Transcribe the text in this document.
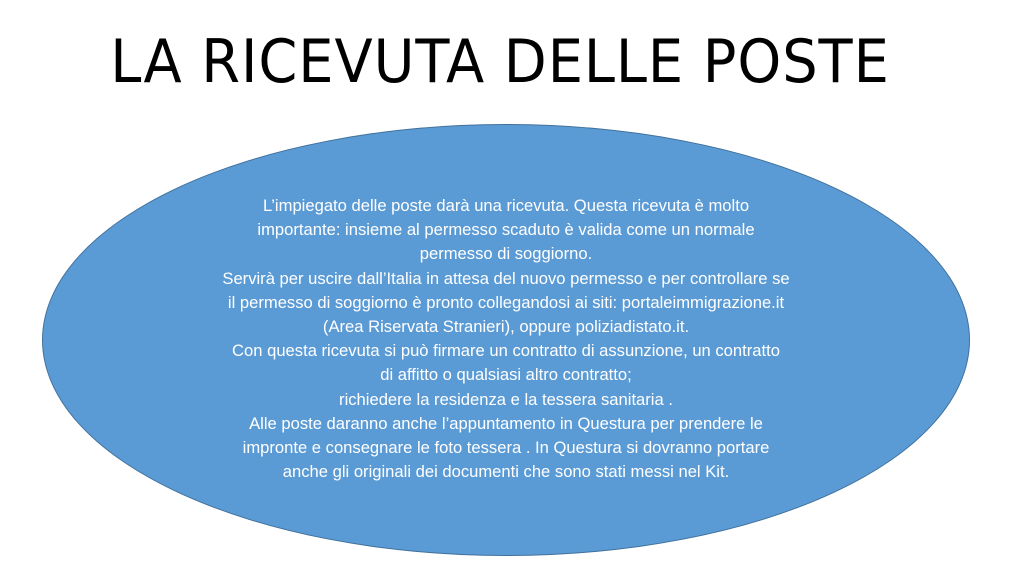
LA RICEVUTA DELLE POSTE
L’impiegato delle poste darà una ricevuta. Questa ricevuta è molto
importante: insieme al permesso scaduto è valida come un normale
permesso di soggiorno.
Servirà per uscire dall’Italia in attesa del nuovo permesso e per controllare se
il permesso di soggiorno è pronto collegandosi ai siti: portaleimmigrazione.it
(Area Riservata Stranieri), oppure poliziadistato.it.
Con questa ricevuta si può firmare un contratto di assunzione, un contratto
di affitto o qualsiasi altro contratto;
richiedere la residenza e la tessera sanitaria .
Alle poste daranno anche l’appuntamento in Questura per prendere le
impronte e consegnare le foto tessera . In Questura si dovranno portare
anche gli originali dei documenti che sono stati messi nel Kit.
